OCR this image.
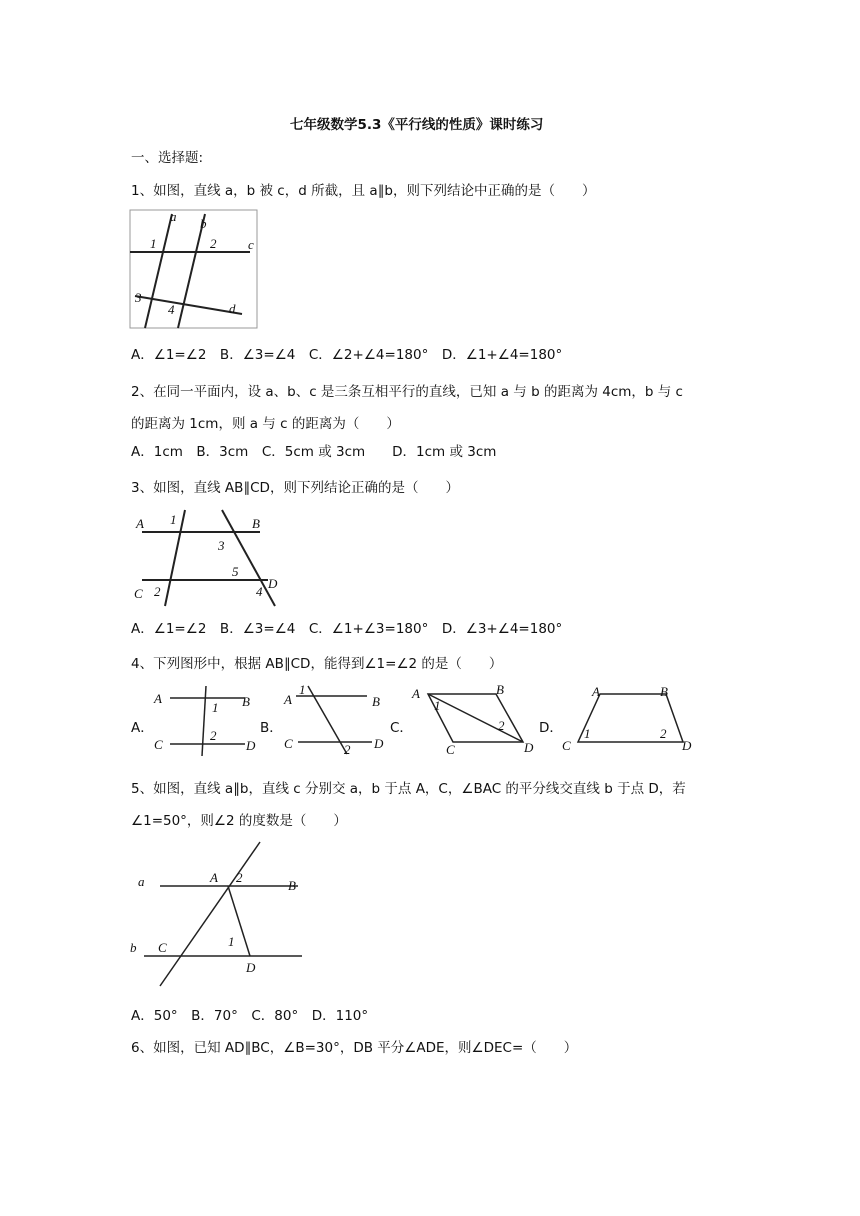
七年级数学5.3《平行线的性质》课时练习
一、选择题:
1、如图，直线 a，b 被 c，d 所截，且 a∥b，则下列结论中正确的是（　　）
a b
c
d
1	2
3
4
A．∠1=∠2　B．∠3=∠4　C．∠2+∠4=180°　D．∠1+∠4=180°
2、在同一平面内，设 a、b、c 是三条互相平行的直线，已知 a 与 b 的距离为 4cm，b 与 c
的距离为 1cm，则 a 与 c 的距离为（　　）
A．1cm　B．3cm　C．5cm 或 3cm　　D．1cm 或 3cm
3、如图，直线 AB∥CD，则下列结论正确的是（　　）
A	B
C
D
1
2
3
4
5
A．∠1=∠2　B．∠3=∠4　C．∠1+∠3=180°　D．∠3+∠4=180°
4、下列图形中，根据 AB∥CD，能得到∠1=∠2 的是（　　）
A．
A	B
C	D
1
2	B．
A	B
C	D
1
2
C．
A	B
C	D
1
2	D．
A	B
C	D
1	2
5、如图，直线 a∥b，直线 c 分别交 a，b 于点 A，C，∠BAC 的平分线交直线 b 于点 D，若
∠1=50°，则∠2 的度数是（　　）
a
b
A
B
C
D
1
2
A．50°　B．70°　C．80°　D．110°
6、如图，已知 AD∥BC，∠B=30°，DB 平分∠ADE，则∠DEC=（　　）
